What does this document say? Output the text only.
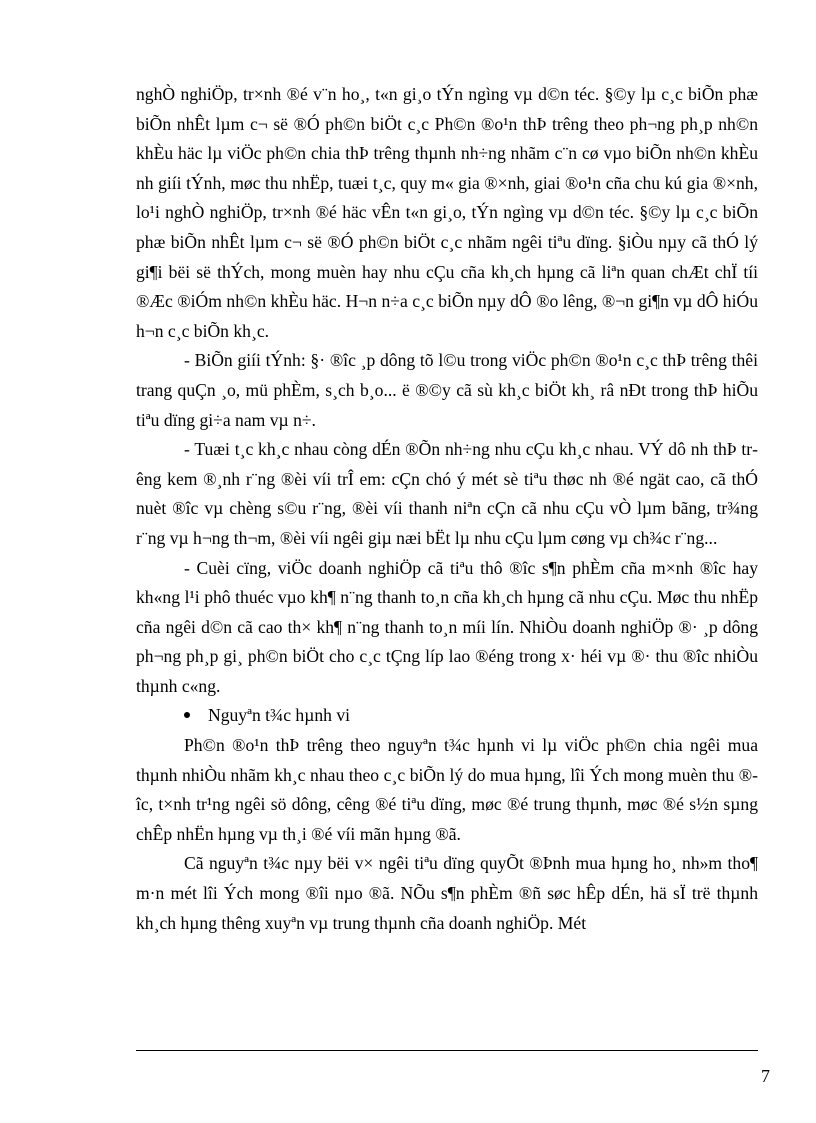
nghÒ nghiÖp, tr×nh ®é v¨n ho¸, t«n gi¸o tÝn ngìng vµ d©n téc. §©y lµ c¸c biÕn phæ biÕn nhÊt lµm c¬ së ®Ó ph©n biÖt c¸c Ph©n ®o¹n thÞ trêng theo ph¬ng ph¸p nh©n khÈu häc lµ viÖc ph©n chia thÞ trêng thµnh nh÷ng nhãm c¨n cø vµo biÕn nh©n khÈu nh giíi tÝnh, møc thu nhËp, tuæi t¸c, quy m« gia ®×nh, giai ®o¹n cña chu kú gia ®×nh, lo¹i nghÒ nghiÖp, tr×nh ®é häc vÊn t«n gi¸o, tÝn ngìng vµ d©n téc. §©y lµ c¸c biÕn phæ biÕn nhÊt lµm c¬ së ®Ó ph©n biÖt c¸c nhãm ngêi tiªu dïng. §iÒu nµy cã thÓ lý gi¶i bëi së thÝch, mong muèn hay nhu cÇu cña kh¸ch hµng cã liªn quan chÆt chÏ tíi ®Æc ®iÓm nh©n khÈu häc. H¬n n÷a c¸c biÕn nµy dÔ ®o lêng, ®¬n gi¶n vµ dÔ hiÓu h¬n c¸c biÕn kh¸c.

- BiÕn giíi tÝnh: §· ®îc ¸p dông tõ l©u trong viÖc ph©n ®o¹n c¸c thÞ trêng thêi trang quÇn ¸o, mü phÈm, s¸ch b¸o... ë ®©y cã sù kh¸c biÖt kh¸ râ nÐt trong thÞ hiÕu tiªu dïng gi÷a nam vµ n÷.

- Tuæi t¸c kh¸c nhau còng dÉn ®Õn nh÷ng nhu cÇu kh¸c nhau. VÝ dô nh thÞ trêng kem ®¸nh r¨ng ®èi víi trÎ em: cÇn chó ý mét sè tiªu thøc nh ®é ngät cao, cã thÓ nuèt ®îc vµ chèng s©u r¨ng, ®èi víi thanh niªn cÇn cã nhu cÇu vÒ lµm bãng, tr¾ng r¨ng vµ h¬ng th¬m, ®èi víi ngêi giµ næi bËt lµ nhu cÇu lµm cøng vµ ch¾c r¨ng...

- Cuèi cïng, viÖc doanh nghiÖp cã tiªu thô ®îc s¶n phÈm cña m×nh ®îc hay kh«ng l¹i phô thuéc vµo kh¶ n¨ng thanh to¸n cña kh¸ch hµng cã nhu cÇu. Møc thu nhËp cña ngêi d©n cã cao th× kh¶ n¨ng thanh to¸n míi lín. NhiÒu doanh nghiÖp ®· ¸p dông ph¬ng ph¸p gi¸ ph©n biÖt cho c¸c tÇng líp lao ®éng trong x· héi vµ ®· thu ®îc nhiÒu thµnh c«ng.

Nguyªn t¾c hµnh vi

Ph©n ®o¹n thÞ trêng theo nguyªn t¾c hµnh vi lµ viÖc ph©n chia ngêi mua thµnh nhiÒu nhãm kh¸c nhau theo c¸c biÕn lý do mua hµng, lîi Ých mong muèn thu ®îc, t×nh tr¹ng ngêi sö dông, cêng ®é tiªu dïng, møc ®é trung thµnh, møc ®é s½n sµng chÊp nhËn hµng vµ th¸i ®é víi mãn hµng ®ã.

Cã nguyªn t¾c nµy bëi v× ngêi tiªu dïng quyÕt ®Þnh mua hµng ho¸ nh»m tho¶ m·n mét lîi Ých mong ®îi nµo ®ã. NÕu s¶n phÈm ®ñ søc hÊp dÉn, hä sÏ trë thµnh kh¸ch hµng thêng xuyªn vµ trung thµnh cña doanh nghiÖp. Mét

7
